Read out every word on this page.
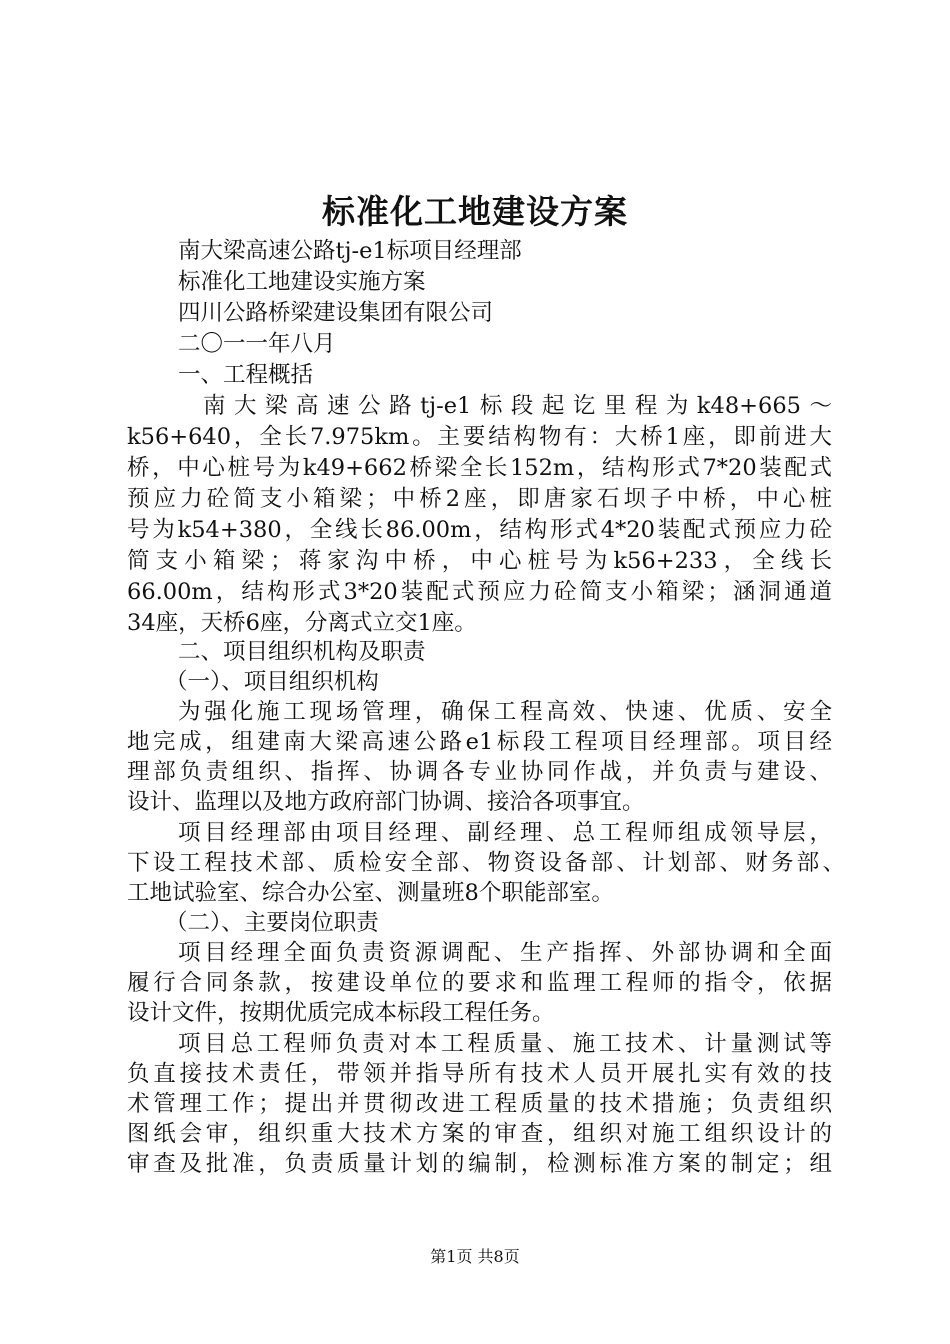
标准化工地建设方案

南大梁高速公路tj-e1标项目经理部

标准化工地建设实施方案

四川公路桥梁建设集团有限公司

二〇一一年八月

一、工程概括

南大梁高速公路tj-e1标段起讫里程为k48+665～

k56+640，全长7.975km。主要结构物有：大桥1座，即前进大

桥，中心桩号为k49+662桥梁全长152m，结构形式7*20装配式

预应力砼简支小箱梁；中桥2座，即唐家石坝子中桥，中心桩

号为k54+380，全线长86.00m，结构形式4*20装配式预应力砼

简支小箱梁；蒋家沟中桥，中心桩号为k56+233，全线长

66.00m，结构形式3*20装配式预应力砼简支小箱梁；涵洞通道

34座，天桥6座，分离式立交1座。

二、项目组织机构及职责

（一）、项目组织机构

为强化施工现场管理，确保工程高效、快速、优质、安全

地完成，组建南大梁高速公路e1标段工程项目经理部。项目经

理部负责组织、指挥、协调各专业协同作战，并负责与建设、

设计、监理以及地方政府部门协调、接洽各项事宜。

项目经理部由项目经理、副经理、总工程师组成领导层，

下设工程技术部、质检安全部、物资设备部、计划部、财务部、

工地试验室、综合办公室、测量班8个职能部室。

（二）、主要岗位职责

项目经理全面负责资源调配、生产指挥、外部协调和全面

履行合同条款，按建设单位的要求和监理工程师的指令，依据

设计文件，按期优质完成本标段工程任务。

项目总工程师负责对本工程质量、施工技术、计量测试等

负直接技术责任，带领并指导所有技术人员开展扎实有效的技

术管理工作；提出并贯彻改进工程质量的技术措施；负责组织

图纸会审，组织重大技术方案的审查，组织对施工组织设计的

审查及批准，负责质量计划的编制，检测标准方案的制定；组

第1页 共8页
